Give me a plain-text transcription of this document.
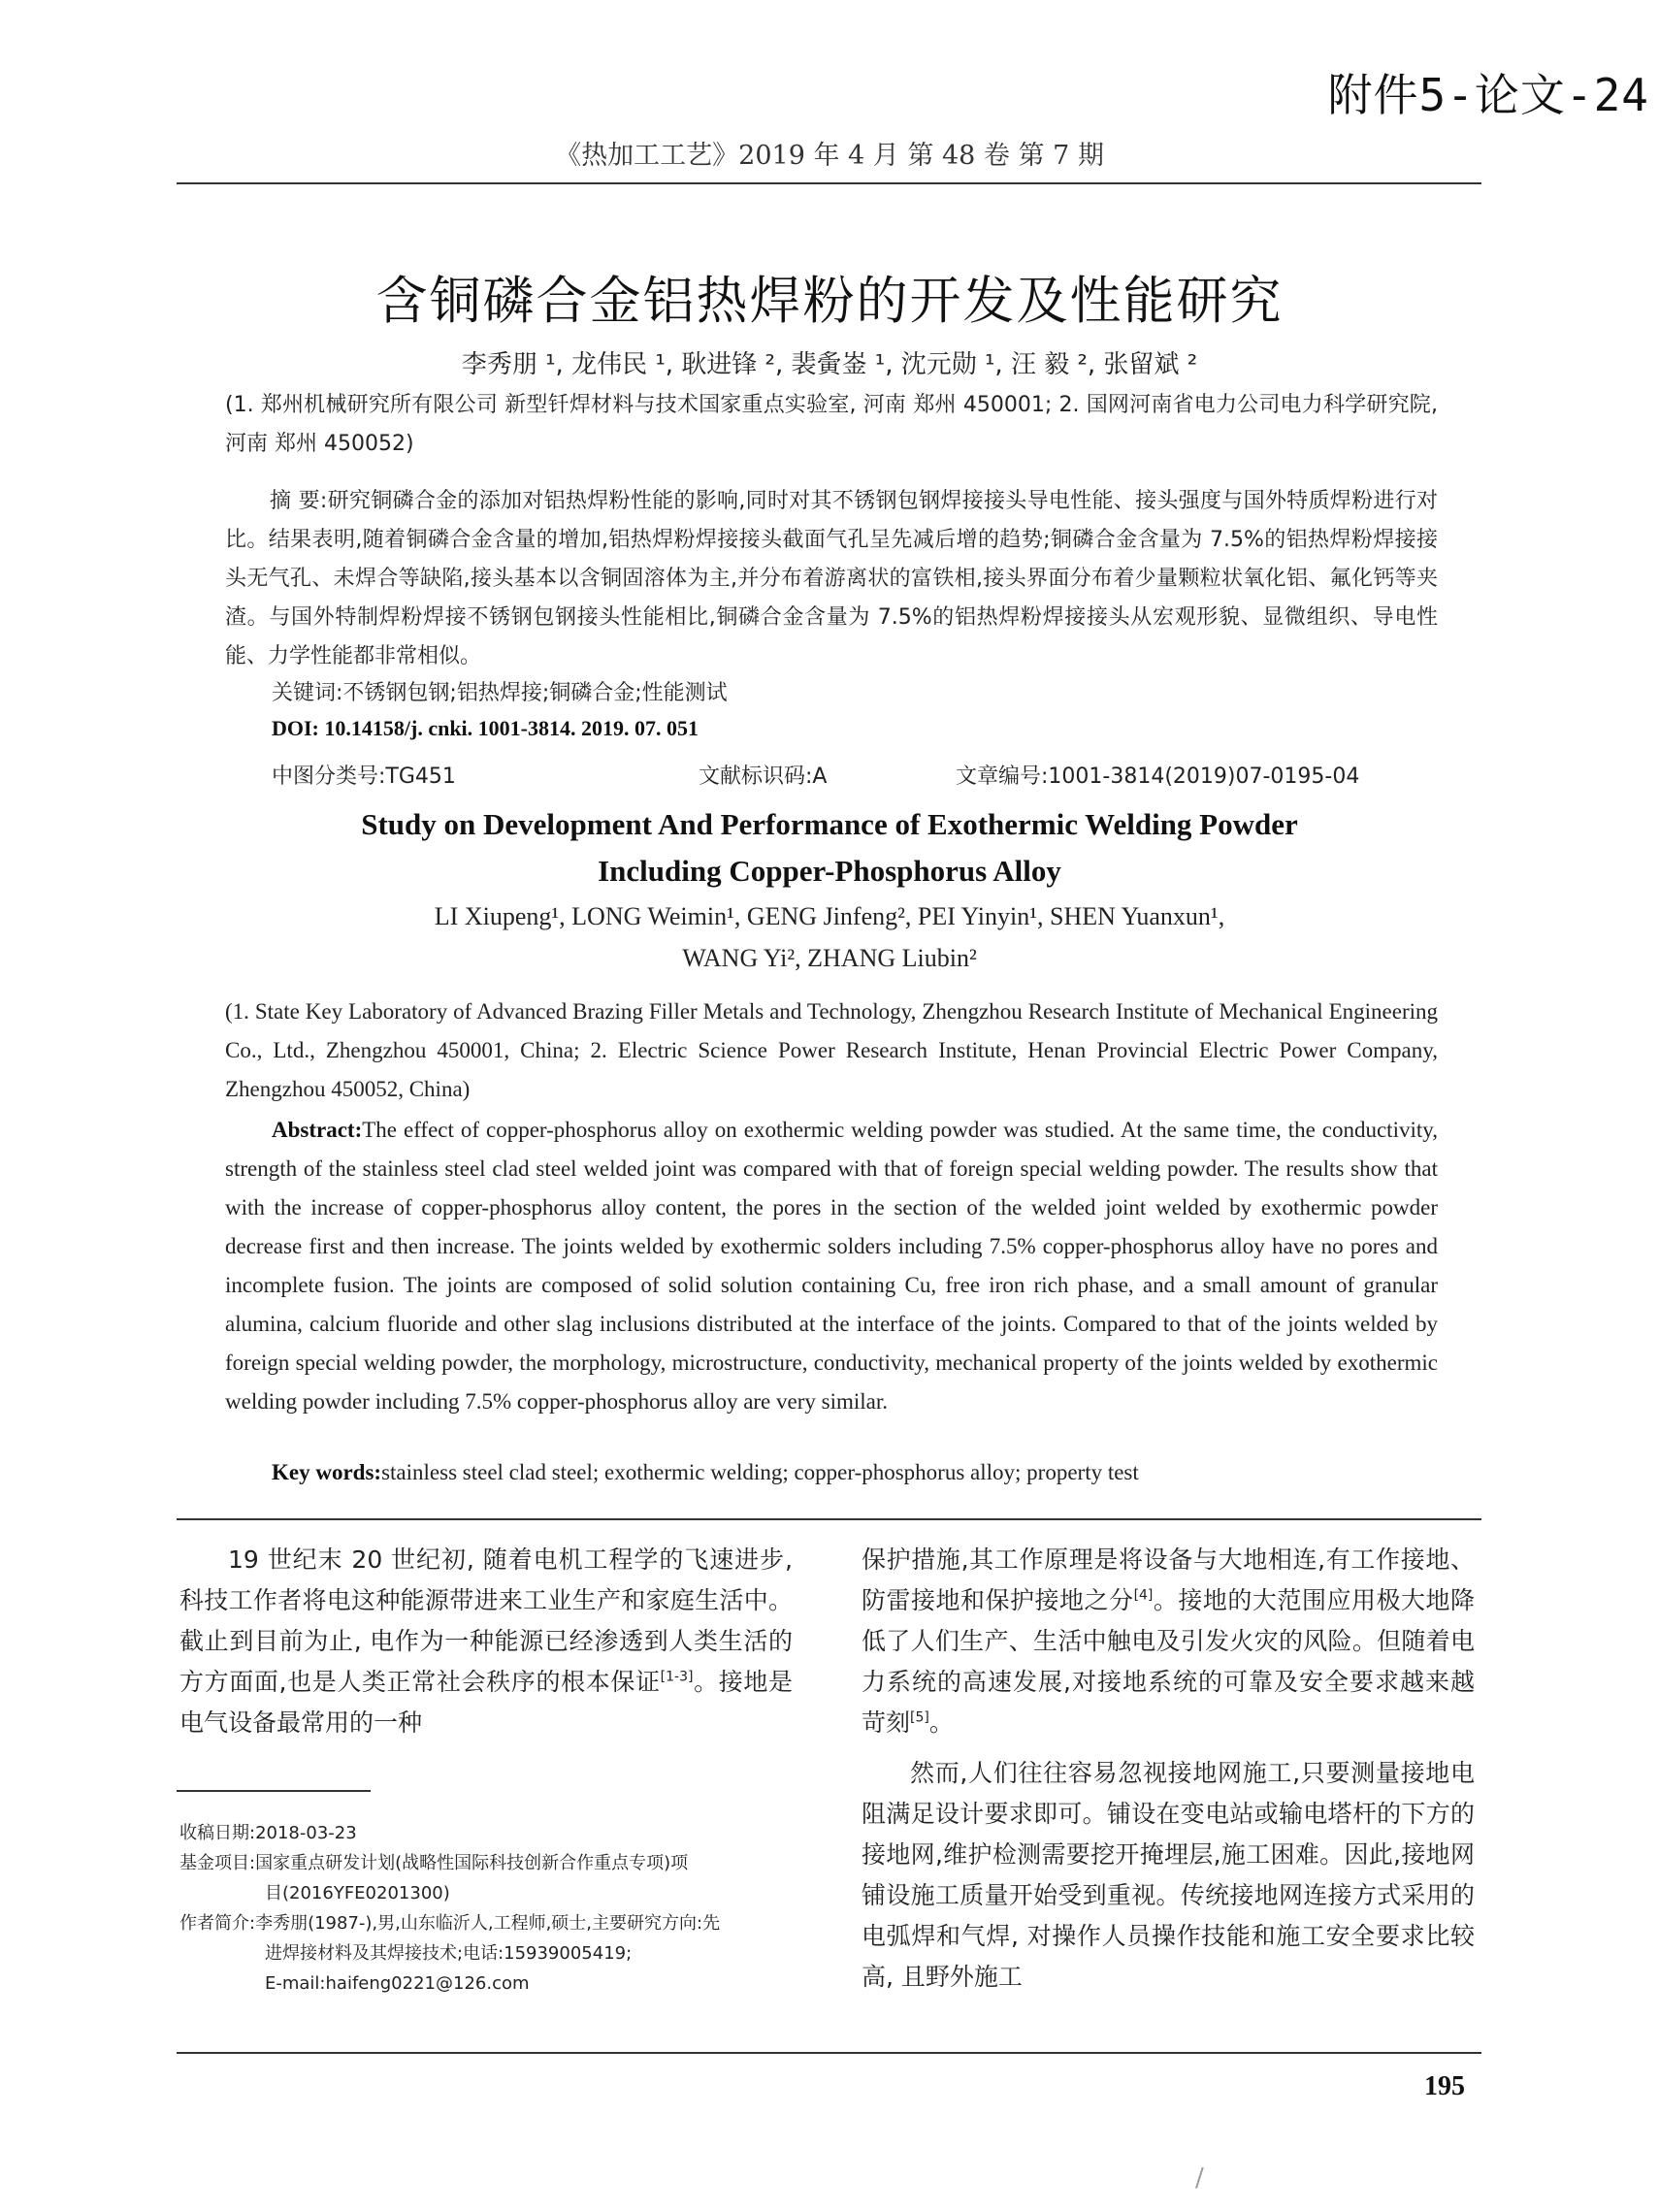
附件5-论文-24
《热加工工艺》2019 年 4 月 第 48 卷 第 7 期
含铜磷合金铝热焊粉的开发及性能研究
李秀朋 ¹, 龙伟民 ¹, 耿进锋 ², 裴夤崟 ¹, 沈元勋 ¹, 汪 毅 ², 张留斌 ²
(1. 郑州机械研究所有限公司 新型钎焊材料与技术国家重点实验室, 河南 郑州 450001; 2. 国网河南省电力公司电力科学研究院, 河南 郑州 450052)
摘 要:研究铜磷合金的添加对铝热焊粉性能的影响,同时对其不锈钢包钢焊接接头导电性能、接头强度与国外特质焊粉进行对比。结果表明,随着铜磷合金含量的增加,铝热焊粉焊接接头截面气孔呈先减后增的趋势;铜磷合金含量为 7.5%的铝热焊粉焊接接头无气孔、未焊合等缺陷,接头基本以含铜固溶体为主,并分布着游离状的富铁相,接头界面分布着少量颗粒状氧化铝、氟化钙等夹渣。与国外特制焊粉焊接不锈钢包钢接头性能相比,铜磷合金含量为 7.5%的铝热焊粉焊接接头从宏观形貌、显微组织、导电性能、力学性能都非常相似。
关键词:不锈钢包钢;铝热焊接;铜磷合金;性能测试
DOI: 10.14158/j. cnki. 1001-3814. 2019. 07. 051
中图分类号:TG451	文献标识码:A	文章编号:1001-3814(2019)07-0195-04
Study on Development And Performance of Exothermic Welding Powder
Including Copper-Phosphorus Alloy
LI Xiupeng¹, LONG Weimin¹, GENG Jinfeng², PEI Yinyin¹, SHEN Yuanxun¹,
WANG Yi², ZHANG Liubin²
(1. State Key Laboratory of Advanced Brazing Filler Metals and Technology, Zhengzhou Research Institute of Mechanical Engineering Co., Ltd., Zhengzhou 450001, China; 2. Electric Science Power Research Institute, Henan Provincial Electric Power Company, Zhengzhou 450052, China)
Abstract:The effect of copper-phosphorus alloy on exothermic welding powder was studied. At the same time, the conductivity, strength of the stainless steel clad steel welded joint was compared with that of foreign special welding powder. The results show that with the increase of copper-phosphorus alloy content, the pores in the section of the welded joint welded by exothermic powder decrease first and then increase. The joints welded by exothermic solders including 7.5% copper-phosphorus alloy have no pores and incomplete fusion. The joints are composed of solid solution containing Cu, free iron rich phase, and a small amount of granular alumina, calcium fluoride and other slag inclusions distributed at the interface of the joints. Compared to that of the joints welded by foreign special welding powder, the morphology, microstructure, conductivity, mechanical property of the joints welded by exothermic welding powder including 7.5% copper-phosphorus alloy are very similar.
Key words:stainless steel clad steel; exothermic welding; copper-phosphorus alloy; property test

19 世纪末 20 世纪初, 随着电机工程学的飞速进步, 科技工作者将电这种能源带进来工业生产和家庭生活中。截止到目前为止, 电作为一种能源已经渗透到人类生活的方方面面,也是人类正常社会秩序的根本保证[1-3]。接地是电气设备最常用的一种

保护措施,其工作原理是将设备与大地相连,有工作接地、防雷接地和保护接地之分[4]。接地的大范围应用极大地降低了人们生产、生活中触电及引发火灾的风险。但随着电力系统的高速发展,对接地系统的可靠及安全要求越来越苛刻[5]。

然而,人们往往容易忽视接地网施工,只要测量接地电阻满足设计要求即可。铺设在变电站或输电塔杆的下方的接地网,维护检测需要挖开掩埋层,施工困难。因此,接地网铺设施工质量开始受到重视。传统接地网连接方式采用的电弧焊和气焊, 对操作人员操作技能和施工安全要求比较高, 且野外施工

收稿日期:2018-03-23
基金项目:国家重点研发计划(战略性国际科技创新合作重点专项)项
目(2016YFE0201300)
作者简介:李秀朋(1987-),男,山东临沂人,工程师,硕士,主要研究方向:先
进焊接材料及其焊接技术;电话:15939005419;
E-mail:haifeng0221@126.com
195
/
